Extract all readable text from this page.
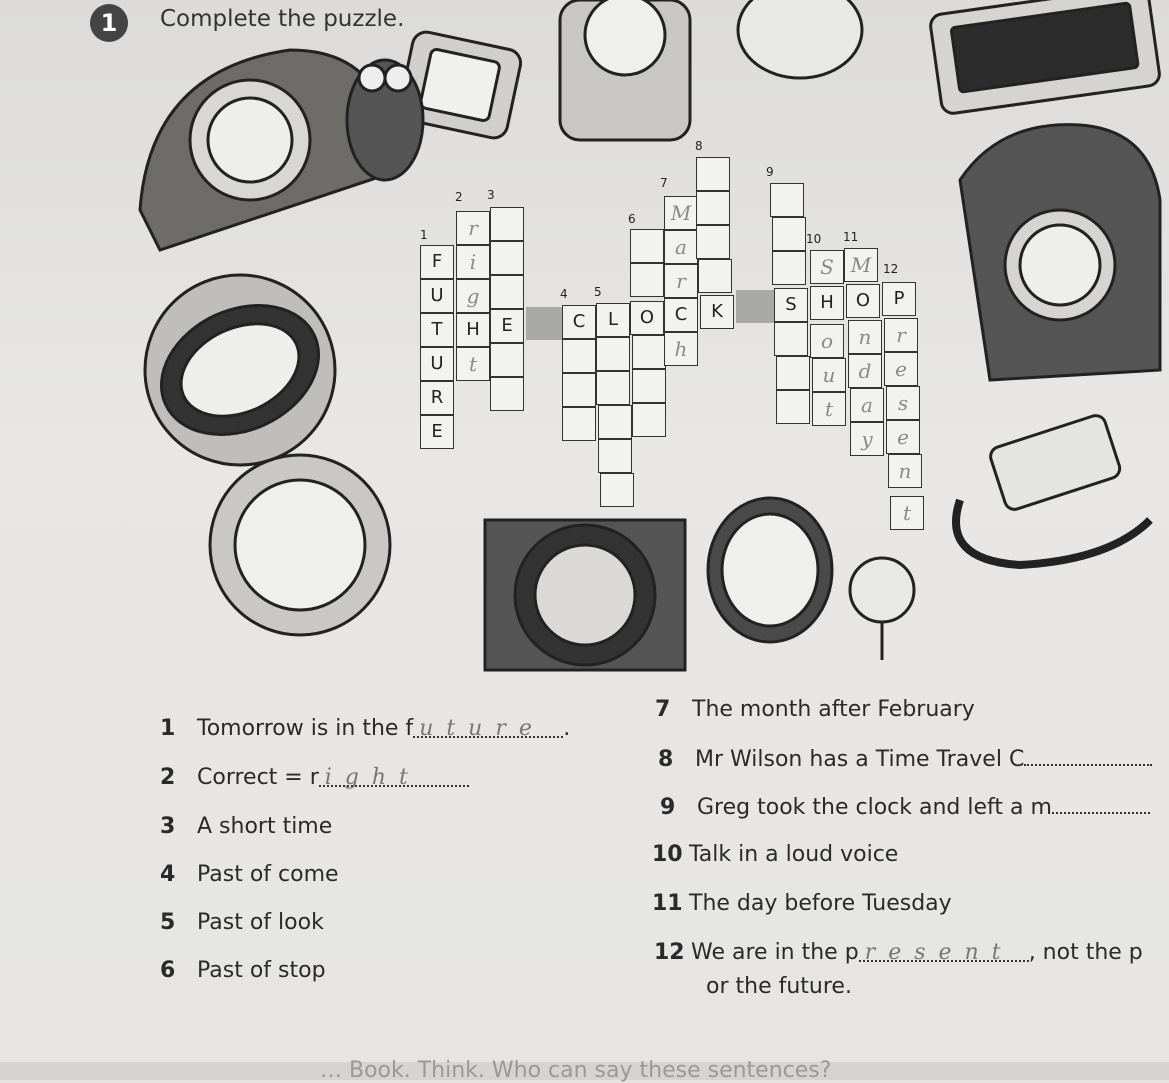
1	Complete the puzzle.
1
2 3
4 5
6
7
8
9
10 11
12
F
U
T
U
R
E
r
i
g
H
t
E	C	L	O
M
a
r
C
h
K	S
S
H
o
u
t
M
O
n
d
a
y
P
r
e
s
e
n
t
1 Tomorrow is in the f u t u r e .
2 Correct = r i g h t
3 A short time
4 Past of come
5 Past of look
6 Past of stop
7 The month after February
8 Mr Wilson has a Time Travel C
9 Greg took the clock and left a m
10 Talk in a loud voice
11 The day before Tuesday
12 We are in the p r e s e n t , not the p
or the future.
… Book. Think. Who can say these sentences?
